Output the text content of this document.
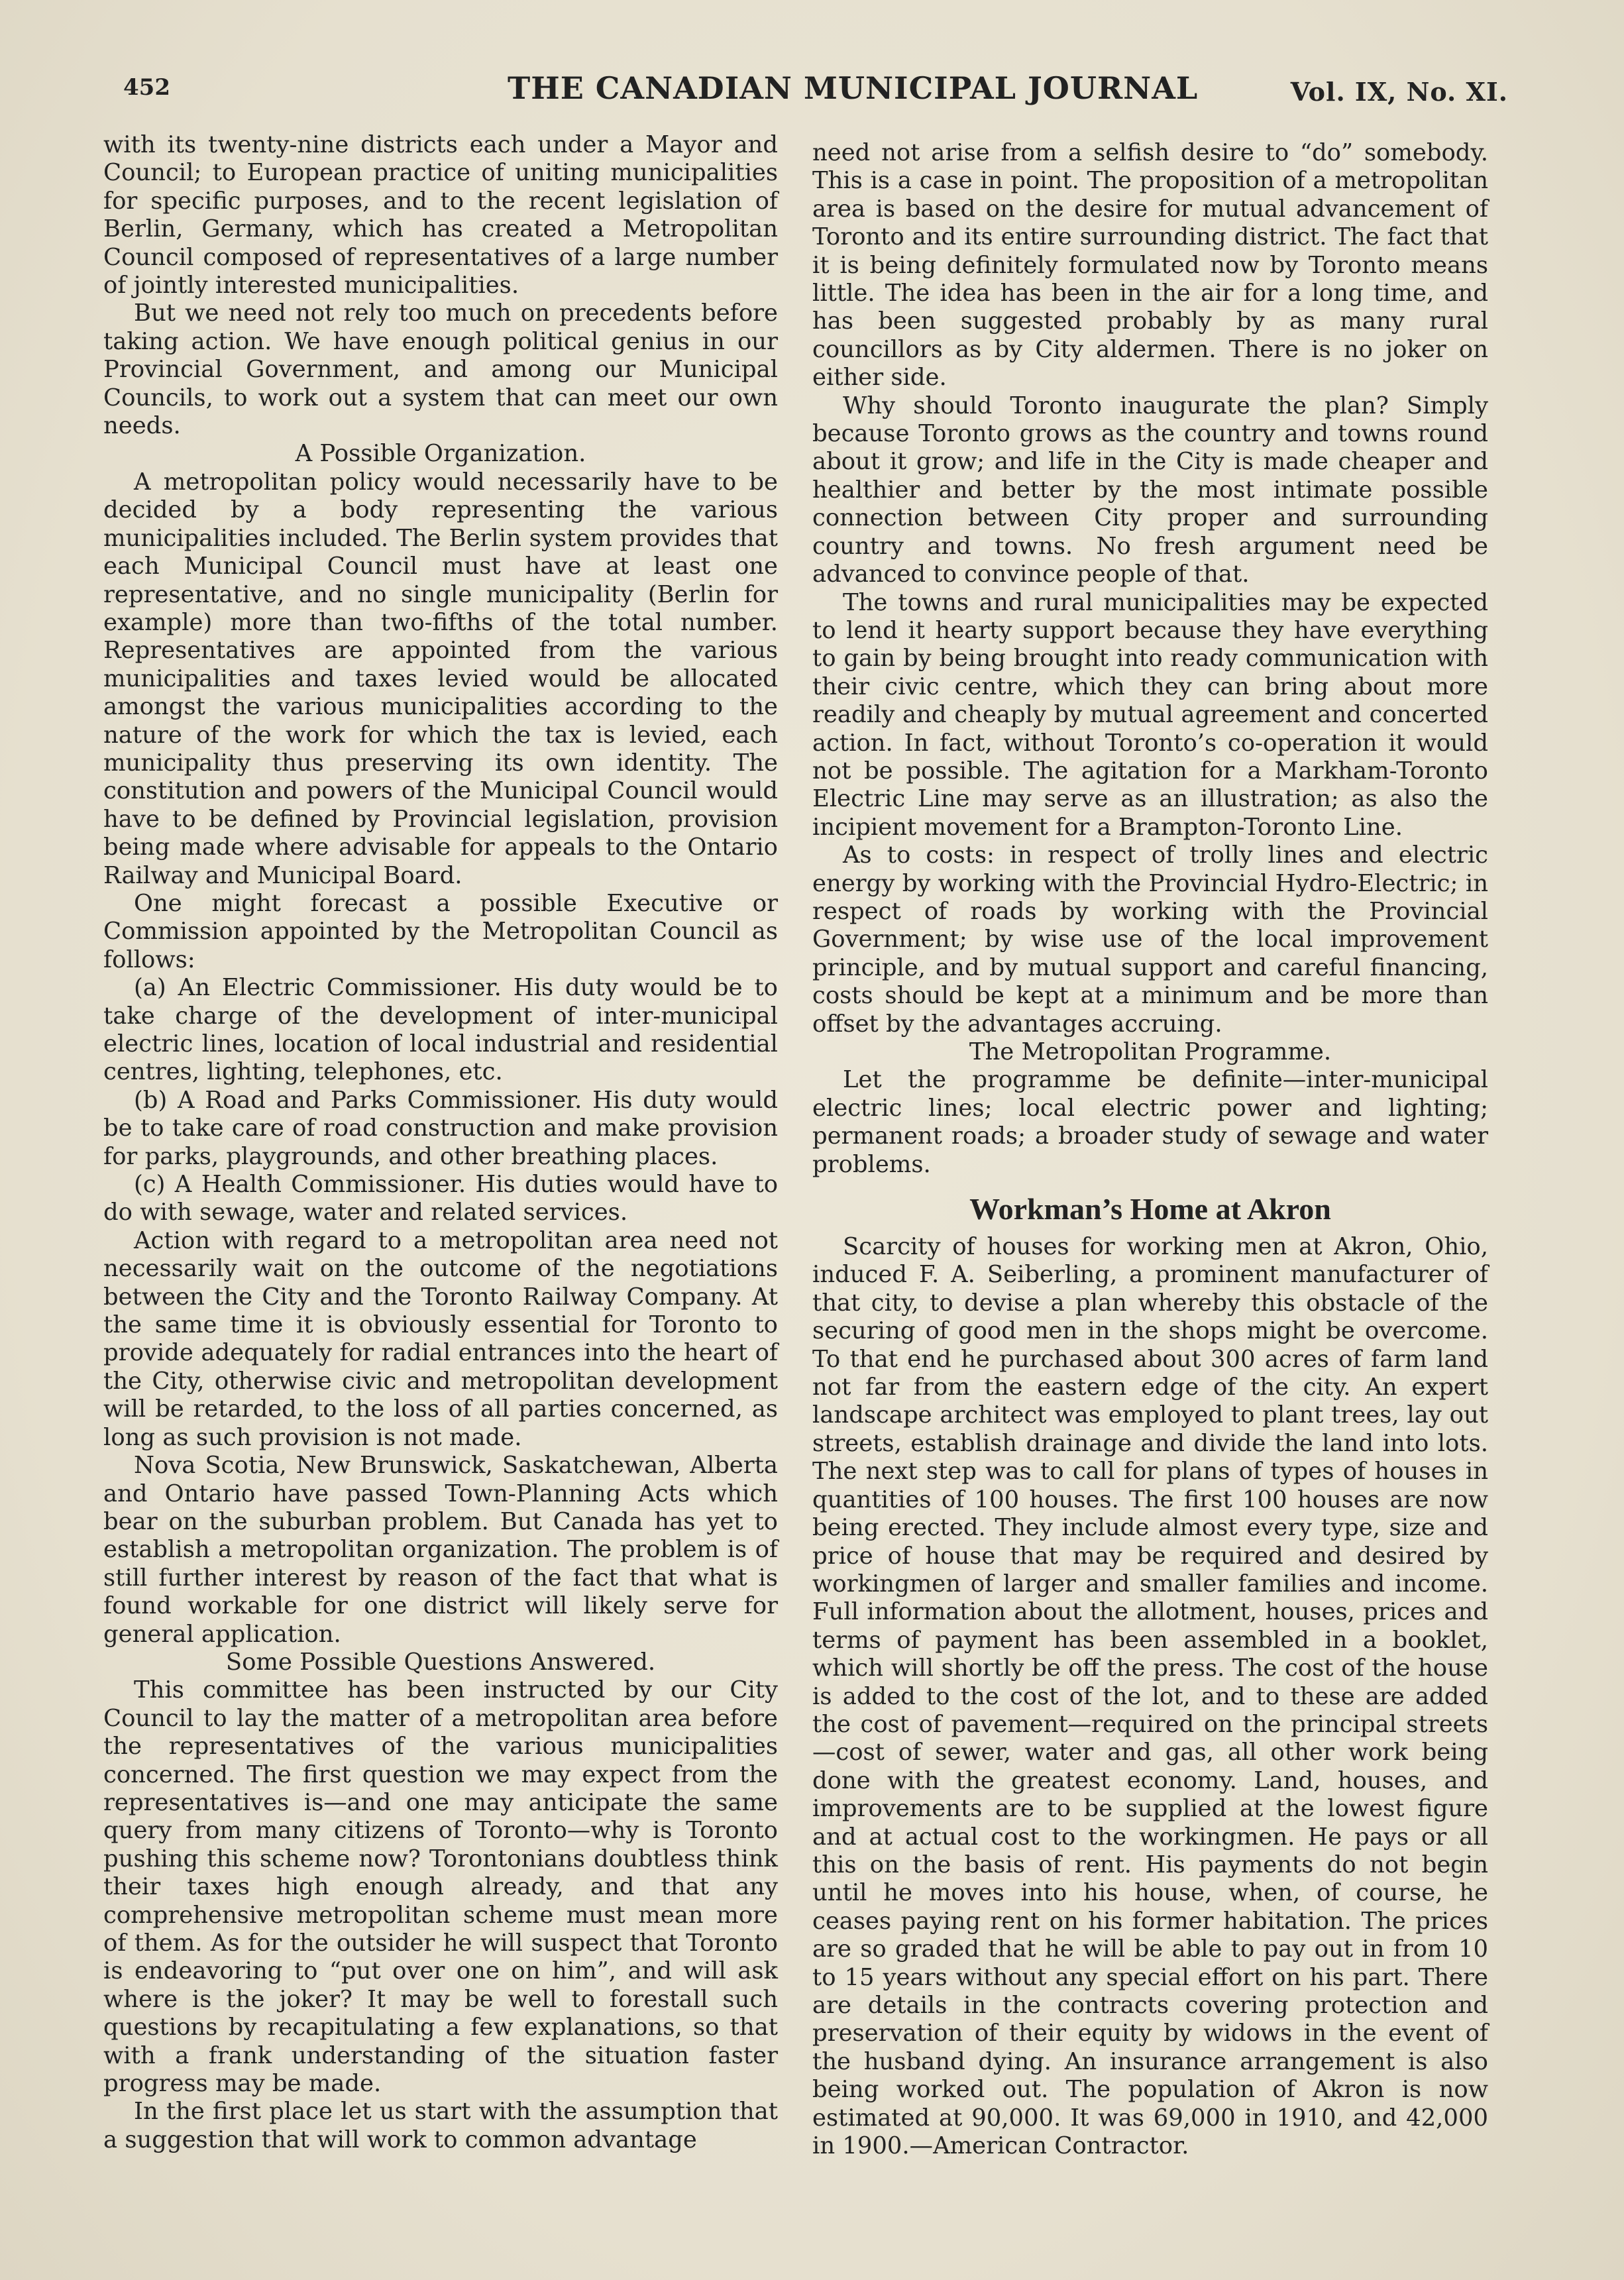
452	THE CANADIAN MUNICIPAL JOURNAL	Vol. IX, No. XI.

with its twenty-nine districts each under a Mayor and Council; to European practice of uniting municipalities for specific purposes, and to the recent legislation of Berlin, Germany, which has created a Metropolitan Council composed of representatives of a large number of jointly interested municipalities.

But we need not rely too much on precedents before taking action. We have enough political genius in our Provincial Government, and among our Municipal Councils, to work out a system that can meet our own needs.

A Possible Organization.

A metropolitan policy would necessarily have to be decided by a body representing the various municipalities included. The Berlin system provides that each Municipal Council must have at least one representative, and no single municipality (Berlin for example) more than two-fifths of the total number. Representatives are appointed from the various municipalities and taxes levied would be allocated amongst the various municipalities according to the nature of the work for which the tax is levied, each municipality thus preserving its own identity. The constitution and powers of the Municipal Council would have to be defined by Provincial legislation, provision being made where advisable for appeals to the Ontario Railway and Municipal Board.

One might forecast a possible Executive or Commission appointed by the Metropolitan Council as follows:

(a) An Electric Commissioner. His duty would be to take charge of the development of inter-municipal electric lines, location of local industrial and residential centres, lighting, telephones, etc.

(b) A Road and Parks Commissioner. His duty would be to take care of road construction and make provision for parks, playgrounds, and other breathing places.

(c) A Health Commissioner. His duties would have to do with sewage, water and related services.

Action with regard to a metropolitan area need not necessarily wait on the outcome of the negotiations between the City and the Toronto Railway Company. At the same time it is obviously essential for Toronto to provide adequately for radial entrances into the heart of the City, otherwise civic and metropolitan development will be retarded, to the loss of all parties concerned, as long as such provision is not made.

Nova Scotia, New Brunswick, Saskatchewan, Alberta and Ontario have passed Town-Planning Acts which bear on the suburban problem. But Canada has yet to establish a metropolitan organization. The problem is of still further interest by reason of the fact that what is found workable for one district will likely serve for general application.

Some Possible Questions Answered.

This committee has been instructed by our City Council to lay the matter of a metropolitan area before the representatives of the various municipalities concerned. The first question we may expect from the representatives is—and one may anticipate the same query from many citizens of Toronto—why is Toronto pushing this scheme now? Torontonians doubtless think their taxes high enough already, and that any comprehensive metropolitan scheme must mean more of them. As for the outsider he will suspect that Toronto is endeavoring to “put over one on him”, and will ask where is the joker? It may be well to forestall such questions by recapitulating a few explanations, so that with a frank understanding of the situation faster progress may be made.

In the first place let us start with the assumption that a suggestion that will work to common advantage

need not arise from a selfish desire to “do” somebody. This is a case in point. The proposition of a metropolitan area is based on the desire for mutual advancement of Toronto and its entire surrounding district. The fact that it is being definitely formulated now by Toronto means little. The idea has been in the air for a long time, and has been suggested probably by as many rural councillors as by City aldermen. There is no joker on either side.

Why should Toronto inaugurate the plan? Simply because Toronto grows as the country and towns round about it grow; and life in the City is made cheaper and healthier and better by the most intimate possible connection between City proper and surrounding country and towns. No fresh argument need be advanced to convince people of that.

The towns and rural municipalities may be expected to lend it hearty support because they have everything to gain by being brought into ready communication with their civic centre, which they can bring about more readily and cheaply by mutual agreement and concerted action. In fact, without Toronto’s co-operation it would not be possible. The agitation for a Markham-Toronto Electric Line may serve as an illustration; as also the incipient movement for a Brampton-Toronto Line.

As to costs: in respect of trolly lines and electric energy by working with the Provincial Hydro-Electric; in respect of roads by working with the Provincial Government; by wise use of the local improvement principle, and by mutual support and careful financing, costs should be kept at a minimum and be more than offset by the advantages accruing.

The Metropolitan Programme.

Let the programme be definite—inter-municipal electric lines; local electric power and lighting; permanent roads; a broader study of sewage and water problems.

Workman’s Home at Akron

Scarcity of houses for working men at Akron, Ohio, induced F. A. Seiberling, a prominent manufacturer of that city, to devise a plan whereby this obstacle of the securing of good men in the shops might be overcome. To that end he purchased about 300 acres of farm land not far from the eastern edge of the city. An expert landscape architect was employed to plant trees, lay out streets, establish drainage and divide the land into lots. The next step was to call for plans of types of houses in quantities of 100 houses. The first 100 houses are now being erected. They include almost every type, size and price of house that may be required and desired by workingmen of larger and smaller families and income. Full information about the allotment, houses, prices and terms of payment has been assembled in a booklet, which will shortly be off the press. The cost of the house is added to the cost of the lot, and to these are added the cost of pavement—required on the principal streets—cost of sewer, water and gas, all other work being done with the greatest economy. Land, houses, and improvements are to be supplied at the lowest figure and at actual cost to the workingmen. He pays or all this on the basis of rent. His payments do not begin until he moves into his house, when, of course, he ceases paying rent on his former habitation. The prices are so graded that he will be able to pay out in from 10 to 15 years without any special effort on his part. There are details in the contracts covering protection and preservation of their equity by widows in the event of the husband dying. An insurance arrangement is also being worked out. The population of Akron is now estimated at 90,000. It was 69,000 in 1910, and 42,000 in 1900.—American Contractor.
